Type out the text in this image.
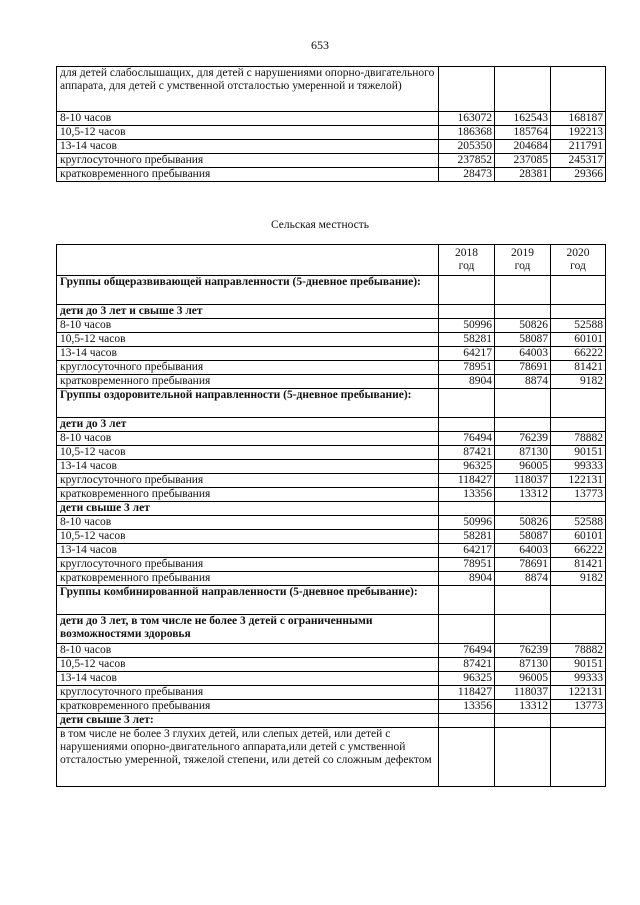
653
для детей слабослышащих, для детей с нарушениями опорно-двигательного аппарата, для детей с умственной отсталостью умеренной и тяжелой)			
8-10 часов	163072	162543	168187
10,5-12 часов	186368	185764	192213
13-14 часов	205350	204684	211791
круглосуточного пребывания	237852	237085	245317
кратковременного пребывания	28473	28381	29366
Сельская местность
	2018 год	2019 год	2020 год
Группы общеразвивающей направленности (5-дневное пребывание):			
дети до 3 лет и свыше 3 лет			
8-10 часов	50996	50826	52588
10,5-12 часов	58281	58087	60101
13-14 часов	64217	64003	66222
круглосуточного пребывания	78951	78691	81421
кратковременного пребывания	8904	8874	9182
Группы оздоровительной направленности (5-дневное пребывание):			
дети до 3 лет			
8-10 часов	76494	76239	78882
10,5-12 часов	87421	87130	90151
13-14 часов	96325	96005	99333
круглосуточного пребывания	118427	118037	122131
кратковременного пребывания	13356	13312	13773
дети свыше 3 лет			
8-10 часов	50996	50826	52588
10,5-12 часов	58281	58087	60101
13-14 часов	64217	64003	66222
круглосуточного пребывания	78951	78691	81421
кратковременного пребывания	8904	8874	9182
Группы комбинированной направленности (5-дневное пребывание):			
дети до 3 лет, в том числе не более 3 детей с ограниченными возможностями здоровья			
8-10 часов	76494	76239	78882
10,5-12 часов	87421	87130	90151
13-14 часов	96325	96005	99333
круглосуточного пребывания	118427	118037	122131
кратковременного пребывания	13356	13312	13773
дети свыше 3 лет:			
в том числе не более 3 глухих детей, или слепых детей, или детей с нарушениями опорно-двигательного аппарата,или детей с умственной отсталостью умеренной, тяжелой степени, или детей со сложным дефектом			
